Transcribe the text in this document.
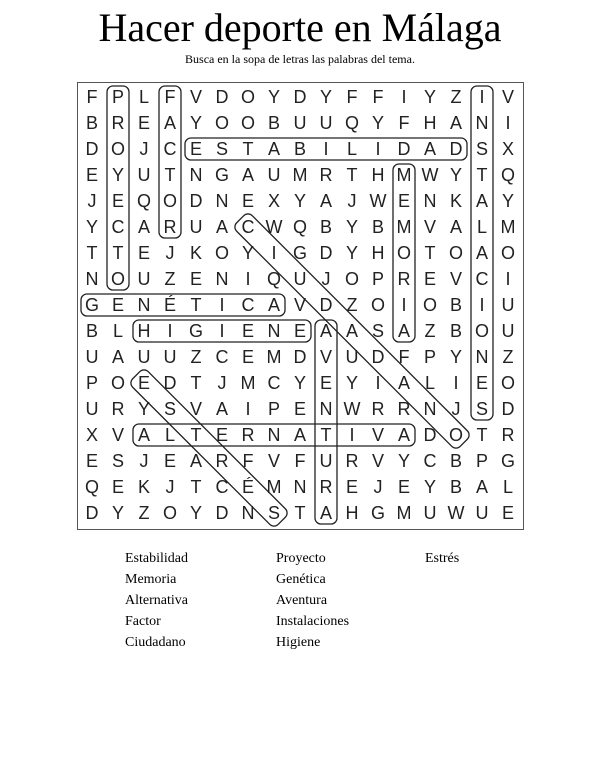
Hacer deporte en Málaga
Busca en la sopa de letras las palabras del tema.
F P L F V D O Y D Y F F I Y Z I V
B R E A Y O O B U U Q Y F H A N I
D O J C E S T A B I	L	I D A D S X
E Y U T N G A U M R T H M W Y T Q
J E Q O D N E X Y A J W E N K A Y
Y C A R U A C W Q B Y B M V A L M
T T E J K O Y I G D Y H O T O A O
N O U Z E N I Q U J O P R E V C I
G E N É T I C A V D Z O I O B I U
B L H I G I E N E A A S A Z B O U
U A U U Z C E M D V U D F P Y N Z
P O E D T J M C Y E Y I A L	I E O
U R Y S V A I P E N W R R N J S D
X V A L T E R N A T I V A D O T R
E S J E A R F V F U R V Y C B P G
Q E K J T C É M N R E J E Y B A L
D Y Z O Y D N S T A H G M U W U E
Estabilidad
Memoria
Alternativa
Factor
Ciudadano
Proyecto
Genética
Aventura
Instalaciones
Higiene
Estrés
